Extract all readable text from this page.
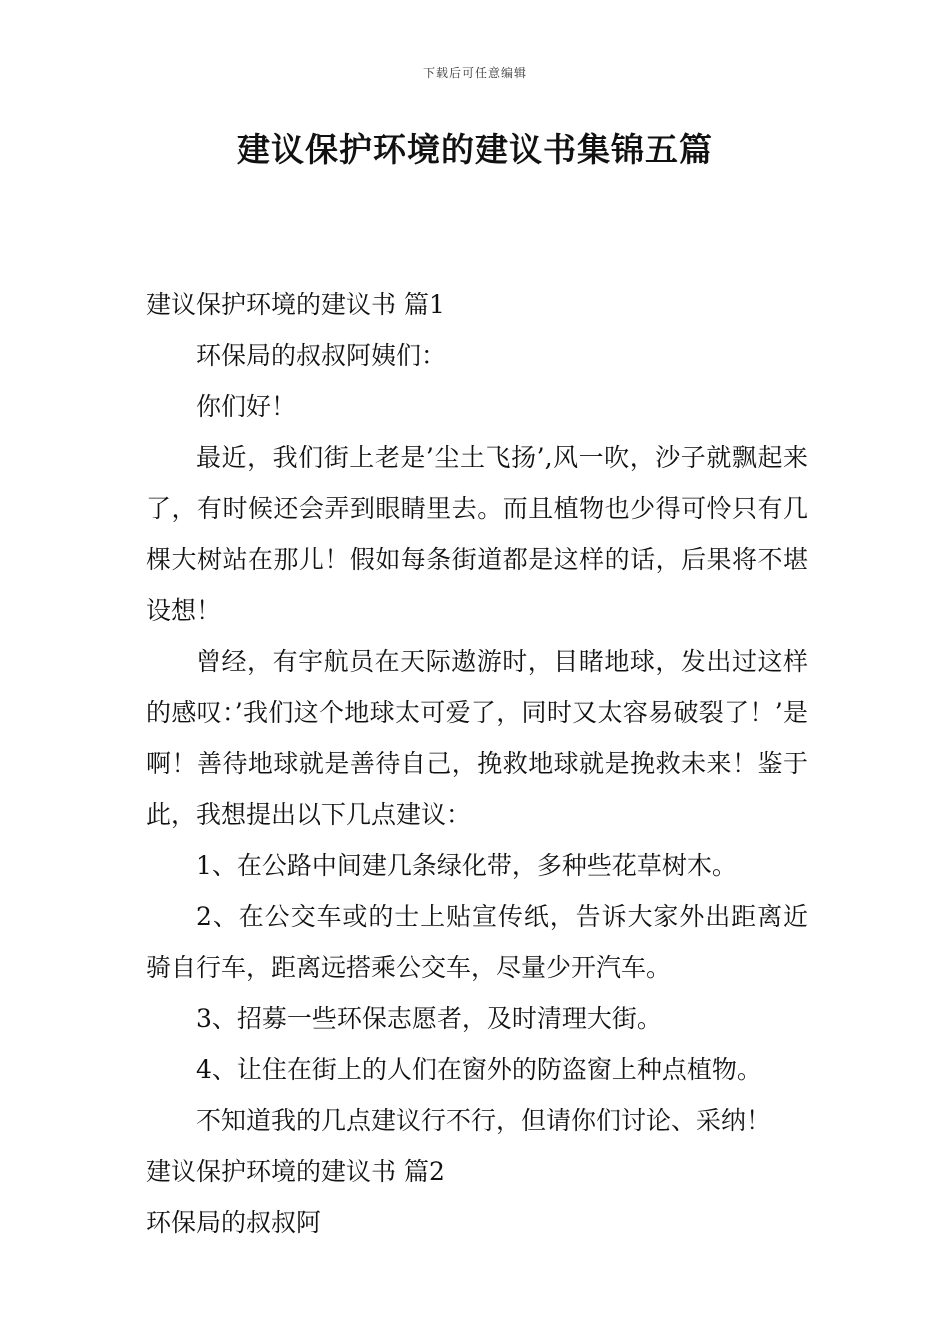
下载后可任意编辑
建议保护环境的建议书集锦五篇

建议保护环境的建议书 篇1

环保局的叔叔阿姨们：

你们好！

最近，我们街上老是’尘土飞扬’,风一吹，沙子就飘起来了，有时候还会弄到眼睛里去。而且植物也少得可怜只有几棵大树站在那儿！假如每条街道都是这样的话，后果将不堪设想！

曾经，有宇航员在天际遨游时，目睹地球，发出过这样的感叹：’我们这个地球太可爱了，同时又太容易破裂了！’是啊！善待地球就是善待自己，挽救地球就是挽救未来！鉴于此，我想提出以下几点建议：

1、在公路中间建几条绿化带，多种些花草树木。

2、在公交车或的士上贴宣传纸，告诉大家外出距离近骑自行车，距离远搭乘公交车，尽量少开汽车。

3、招募一些环保志愿者，及时清理大街。

4、让住在街上的人们在窗外的防盗窗上种点植物。

不知道我的几点建议行不行，但请你们讨论、采纳！

建议保护环境的建议书 篇2

环保局的叔叔阿
